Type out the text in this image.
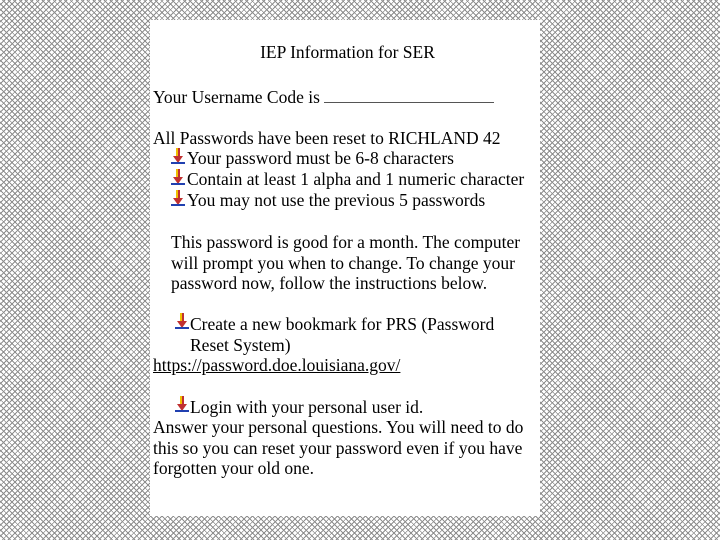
IEP Information for SER
Your Username Code is
All Passwords have been reset to RICHLAND 42
Your password must be 6-8 characters
Contain at least 1 alpha and 1 numeric character
You may not use the previous 5 passwords
This password is good for a month. The computer
will prompt you when to change. To change your
password now, follow the instructions below.
Create a new bookmark for PRS (Password
Reset System)
https://password.doe.louisiana.gov/
Login with your personal user id.
Answer your personal questions. You will need to do
this so you can reset your password even if you have
forgotten your old one.
